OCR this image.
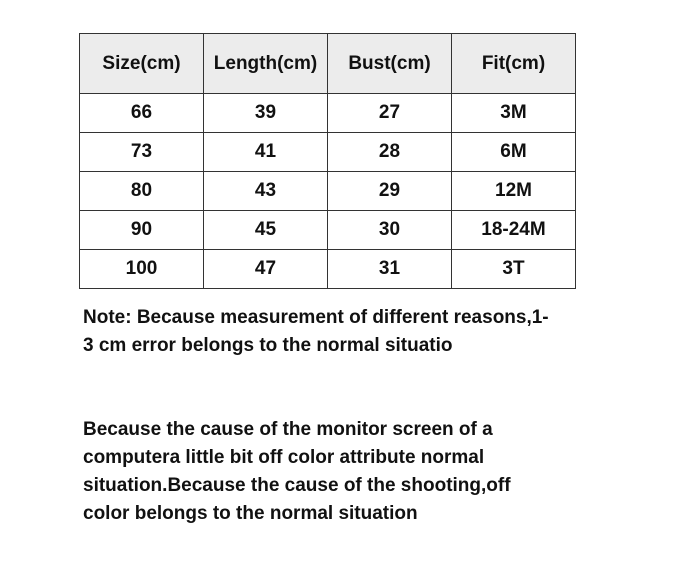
Size(cm)	Length(cm)	Bust(cm)	Fit(cm)
66	39	27	3M
73	41	28	6M
80	43	29	12M
90	45	30	18-24M
100	47	31	3T

Note: Because measurement of different reasons,1-3 cm error belongs to the normal situatio

Because the cause of the monitor screen of a computera little bit off color attribute normal situation.Because the cause of the shooting,off color belongs to the normal situation
